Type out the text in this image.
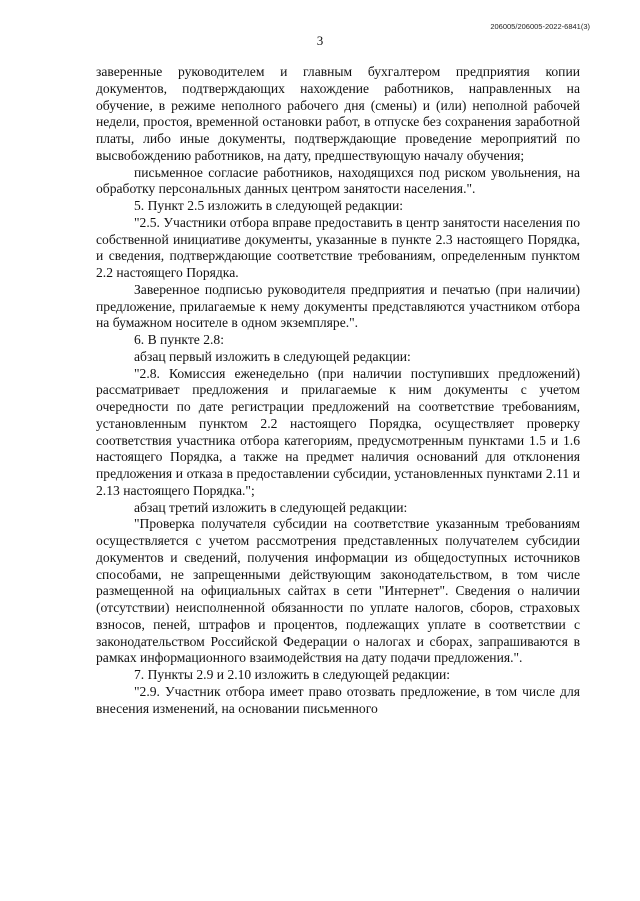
206005/206005-2022-6841(3)
3

заверенные руководителем и главным бухгалтером предприятия копии документов, подтверждающих нахождение работников, направленных на обучение, в режиме неполного рабочего дня (смены) и (или) неполной рабочей недели, простоя, временной остановки работ, в отпуске без сохранения заработной платы, либо иные документы, подтверждающие проведение мероприятий по высвобождению работников, на дату, предшествующую началу обучения;

письменное согласие работников, находящихся под риском увольнения, на обработку персональных данных центром занятости населения.".

5. Пункт 2.5 изложить в следующей редакции:

"2.5. Участники отбора вправе предоставить в центр занятости населения по собственной инициативе документы, указанные в пункте 2.3 настоящего Порядка, и сведения, подтверждающие соответствие требованиям, определенным пунктом 2.2 настоящего Порядка.

Заверенное подписью руководителя предприятия и печатью (при наличии) предложение, прилагаемые к нему документы представляются участником отбора на бумажном носителе в одном экземпляре.".

6. В пункте 2.8:

абзац первый изложить в следующей редакции:

"2.8. Комиссия еженедельно (при наличии поступивших предложений) рассматривает предложения и прилагаемые к ним документы с учетом очередности по дате регистрации предложений на соответствие требованиям, установленным пунктом 2.2 настоящего Порядка, осуществляет проверку соответствия участника отбора категориям, предусмотренным пунктами 1.5 и 1.6 настоящего Порядка, а также на предмет наличия оснований для отклонения предложения и отказа в предоставлении субсидии, установленных пунктами 2.11 и 2.13 настоящего Порядка.";

абзац третий изложить в следующей редакции:

"Проверка получателя субсидии на соответствие указанным требованиям осуществляется с учетом рассмотрения представленных получателем субсидии документов и сведений, получения информации из общедоступных источников способами, не запрещенными действующим законодательством, в том числе размещенной на официальных сайтах в сети "Интернет". Сведения о наличии (отсутствии) неисполненной обязанности по уплате налогов, сборов, страховых взносов, пеней, штрафов и процентов, подлежащих уплате в соответствии с законодательством Российской Федерации о налогах и сборах, запрашиваются в рамках информационного взаимодействия на дату подачи предложения.".

7. Пункты 2.9 и 2.10 изложить в следующей редакции:

"2.9. Участник отбора имеет право отозвать предложение, в том числе для внесения изменений, на основании письменного
